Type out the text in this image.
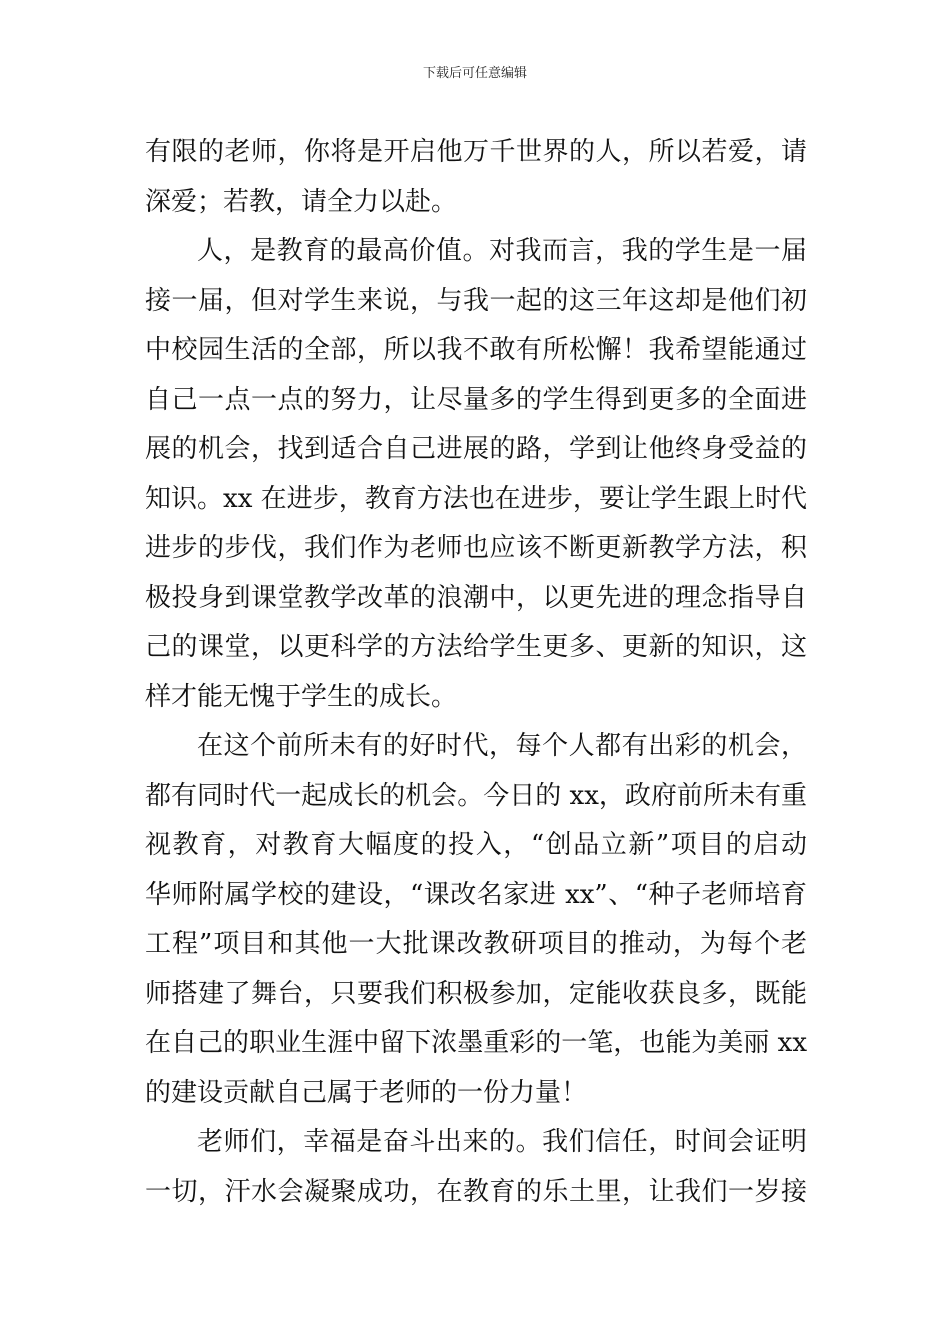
下载后可任意编辑
有限的老师，你将是开启他万千世界的人，所以若爱，请
深爱；若教，请全力以赴。
人，是教育的最高价值。对我而言，我的学生是一届
接一届，但对学生来说，与我一起的这三年这却是他们初
中校园生活的全部，所以我不敢有所松懈！我希望能通过
自己一点一点的努力，让尽量多的学生得到更多的全面进
展的机会，找到适合自己进展的路，学到让他终身受益的
知识。xx 在进步，教育方法也在进步，要让学生跟上时代
进步的步伐，我们作为老师也应该不断更新教学方法，积
极投身到课堂教学改革的浪潮中，以更先进的理念指导自
己的课堂，以更科学的方法给学生更多、更新的知识，这
样才能无愧于学生的成长。
在这个前所未有的好时代，每个人都有出彩的机会，
都有同时代一起成长的机会。今日的 xx，政府前所未有重
视教育，对教育大幅度的投入，“创品立新”项目的启动
华师附属学校的建设，“课改名家进 xx”、“种子老师培育
工程”项目和其他一大批课改教研项目的推动，为每个老
师搭建了舞台，只要我们积极参加，定能收获良多，既能
在自己的职业生涯中留下浓墨重彩的一笔，也能为美丽 xx
的建设贡献自己属于老师的一份力量！
老师们，幸福是奋斗出来的。我们信任，时间会证明
一切，汗水会凝聚成功，在教育的乐土里，让我们一岁接
